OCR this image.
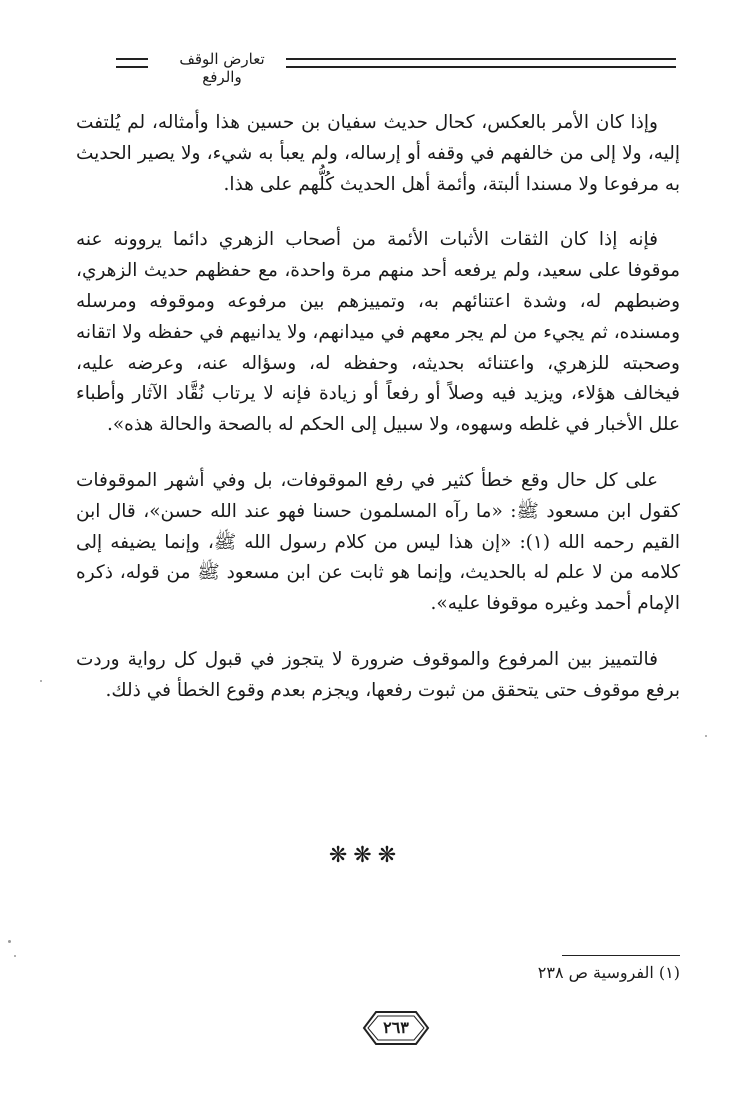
تعارض الوقف والرفع

وإذا كان الأمر بالعكس، كحال حديث سفيان بن حسين هذا وأمثاله، لم يُلتفت إليه، ولا إلى من خالفهم في وقفه أو إرساله، ولم يعبأ به شيء، ولا يصير الحديث به مرفوعا ولا مسندا ألبتة، وأئمة أهل الحديث كُلُّهم على هذا.

فإنه إذا كان الثقات الأثبات الأئمة من أصحاب الزهري دائما يروونه عنه موقوفا على سعيد، ولم يرفعه أحد منهم مرة واحدة، مع حفظهم حديث الزهري، وضبطهم له، وشدة اعتنائهم به، وتمييزهم بين مرفوعه وموقوفه ومرسله ومسنده، ثم يجيء من لم يجر معهم في ميدانهم، ولا يدانيهم في حفظه ولا اتقانه وصحبته للزهري، واعتنائه بحديثه، وحفظه له، وسؤاله عنه، وعرضه عليه، فيخالف هؤلاء، ويزيد فيه وصلاً أو رفعاً أو زيادة فإنه لا يرتاب نُقَّاد الآثار وأطباء علل الأخبار في غلطه وسهوه، ولا سبيل إلى الحكم له بالصحة والحالة هذه».

على كل حال وقع خطأ كثير في رفع الموقوفات، بل وفي أشهر الموقوفات كقول ابن مسعود ﷺ: «ما رآه المسلمون حسنا فهو عند الله حسن»، قال ابن القيم رحمه الله (١): «إن هذا ليس من كلام رسول الله ﷺ، وإنما يضيفه إلى كلامه من لا علم له بالحديث، وإنما هو ثابت عن ابن مسعود ﷺ من قوله، ذكره الإمام أحمد وغيره موقوفا عليه».

فالتمييز بين المرفوع والموقوف ضرورة لا يتجوز في قبول كل رواية وردت برفع موقوف حتى يتحقق من ثبوت رفعها، ويجزم بعدم وقوع الخطأ في ذلك.

❋❋❋
(١) الفروسية ص ٢٣٨
٢٦٣
